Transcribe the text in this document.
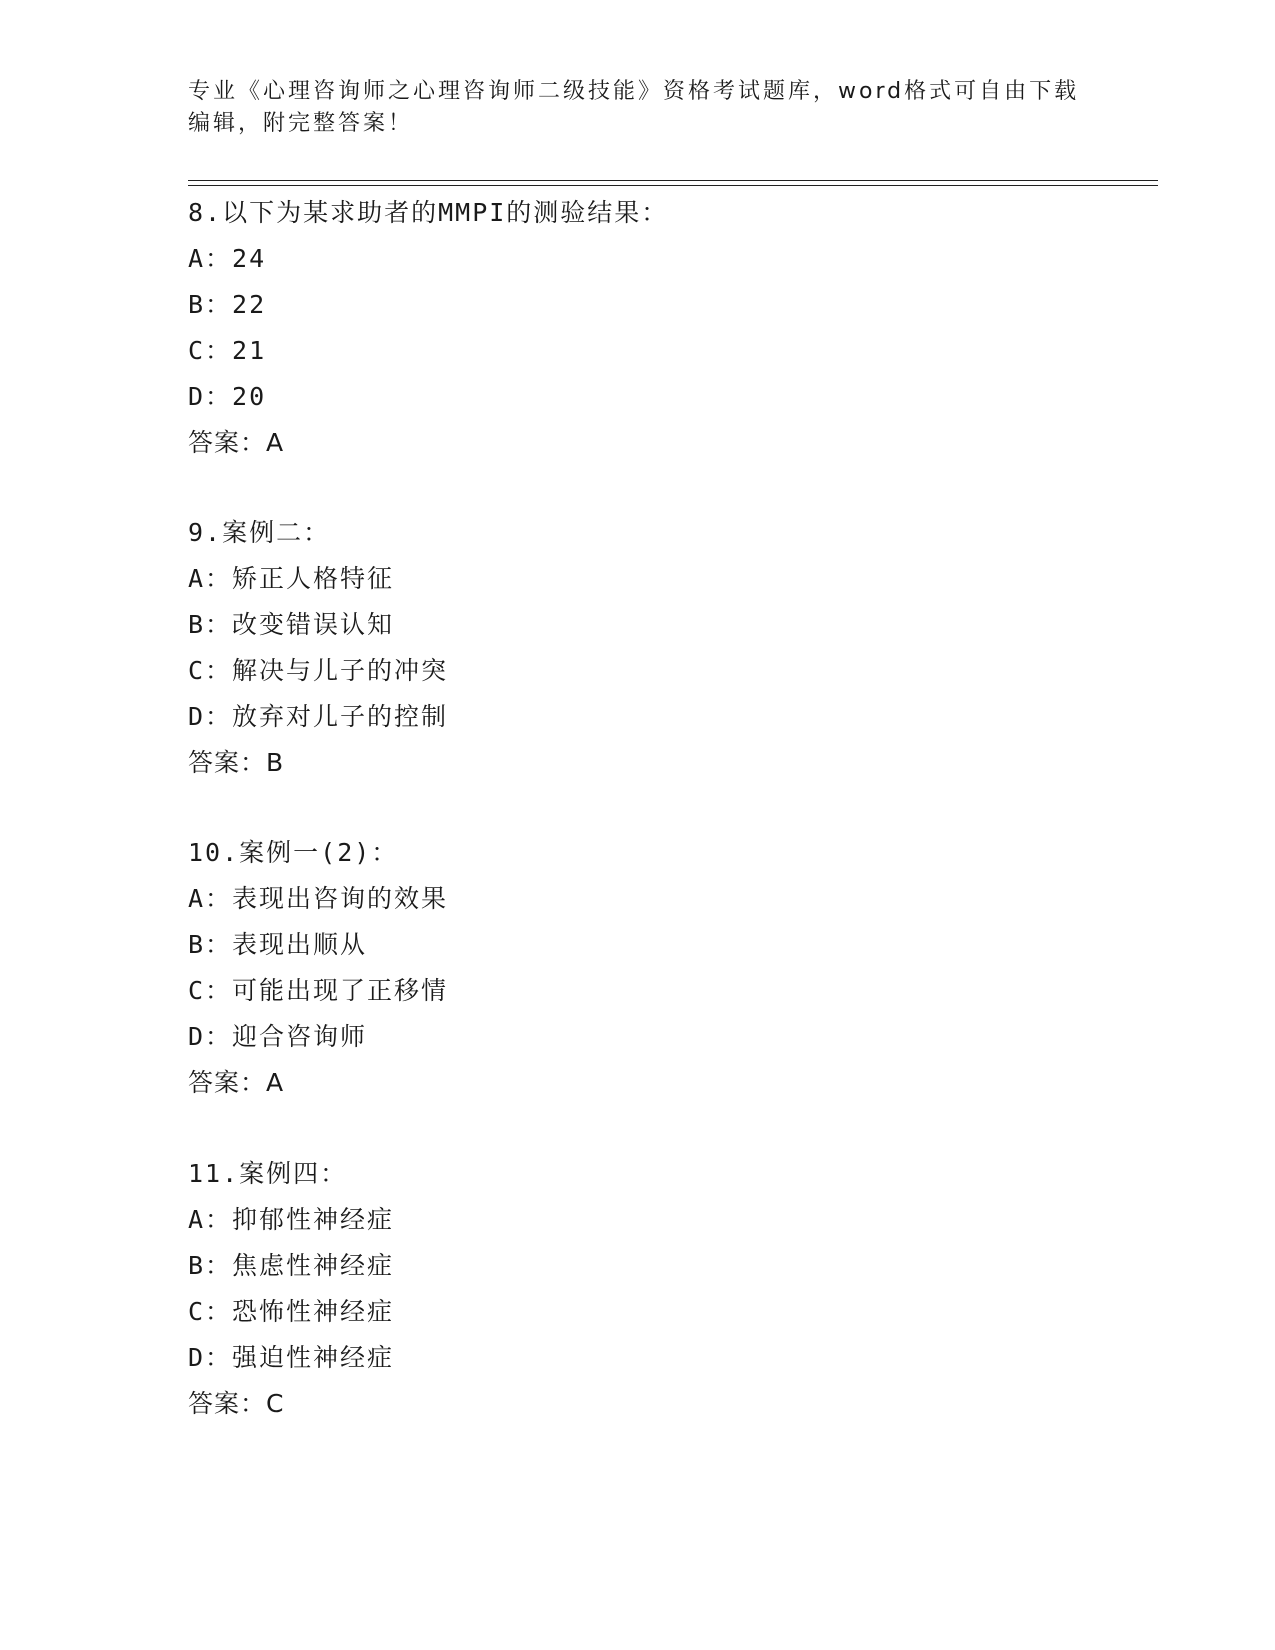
专业《心理咨询师之心理咨询师二级技能》资格考试题库，word格式可自由下载
编辑，附完整答案！
8.以下为某求助者的MMPI的测验结果：
A：24
B：22
C：21
D：20
答案：A
9.案例二：
A：矫正人格特征
B：改变错误认知
C：解决与儿子的冲突
D：放弃对儿子的控制
答案：B
10.案例一(2)：
A：表现出咨询的效果
B：表现出顺从
C：可能出现了正移情
D：迎合咨询师
答案：A
11.案例四：
A：抑郁性神经症
B：焦虑性神经症
C：恐怖性神经症
D：强迫性神经症
答案：C
